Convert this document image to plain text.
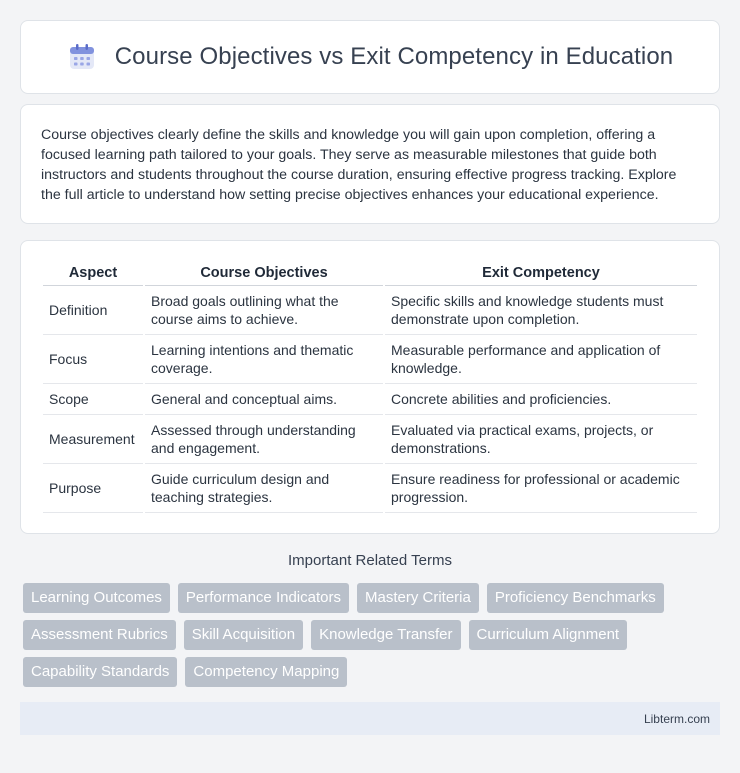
Course Objectives vs Exit Competency in Education

Course objectives clearly define the skills and knowledge you will gain upon completion, offering a focused learning path tailored to your goals. They serve as measurable milestones that guide both instructors and students throughout the course duration, ensuring effective progress tracking. Explore the full article to understand how setting precise objectives enhances your educational experience.

Aspect	Course Objectives	Exit Competency
Definition	Broad goals outlining what the course aims to achieve.	Specific skills and knowledge students must demonstrate upon completion.
Focus	Learning intentions and thematic coverage.	Measurable performance and application of knowledge.
Scope	General and conceptual aims.	Concrete abilities and proficiencies.
Measurement	Assessed through understanding and engagement.	Evaluated via practical exams, projects, or demonstrations.
Purpose	Guide curriculum design and teaching strategies.	Ensure readiness for professional or academic progression.
Important Related Terms
Learning Outcomes	Performance Indicators	Mastery Criteria	Proficiency Benchmarks
Assessment Rubrics	Skill Acquisition	Knowledge Transfer	Curriculum Alignment
Capability Standards	Competency Mapping
Libterm.com
